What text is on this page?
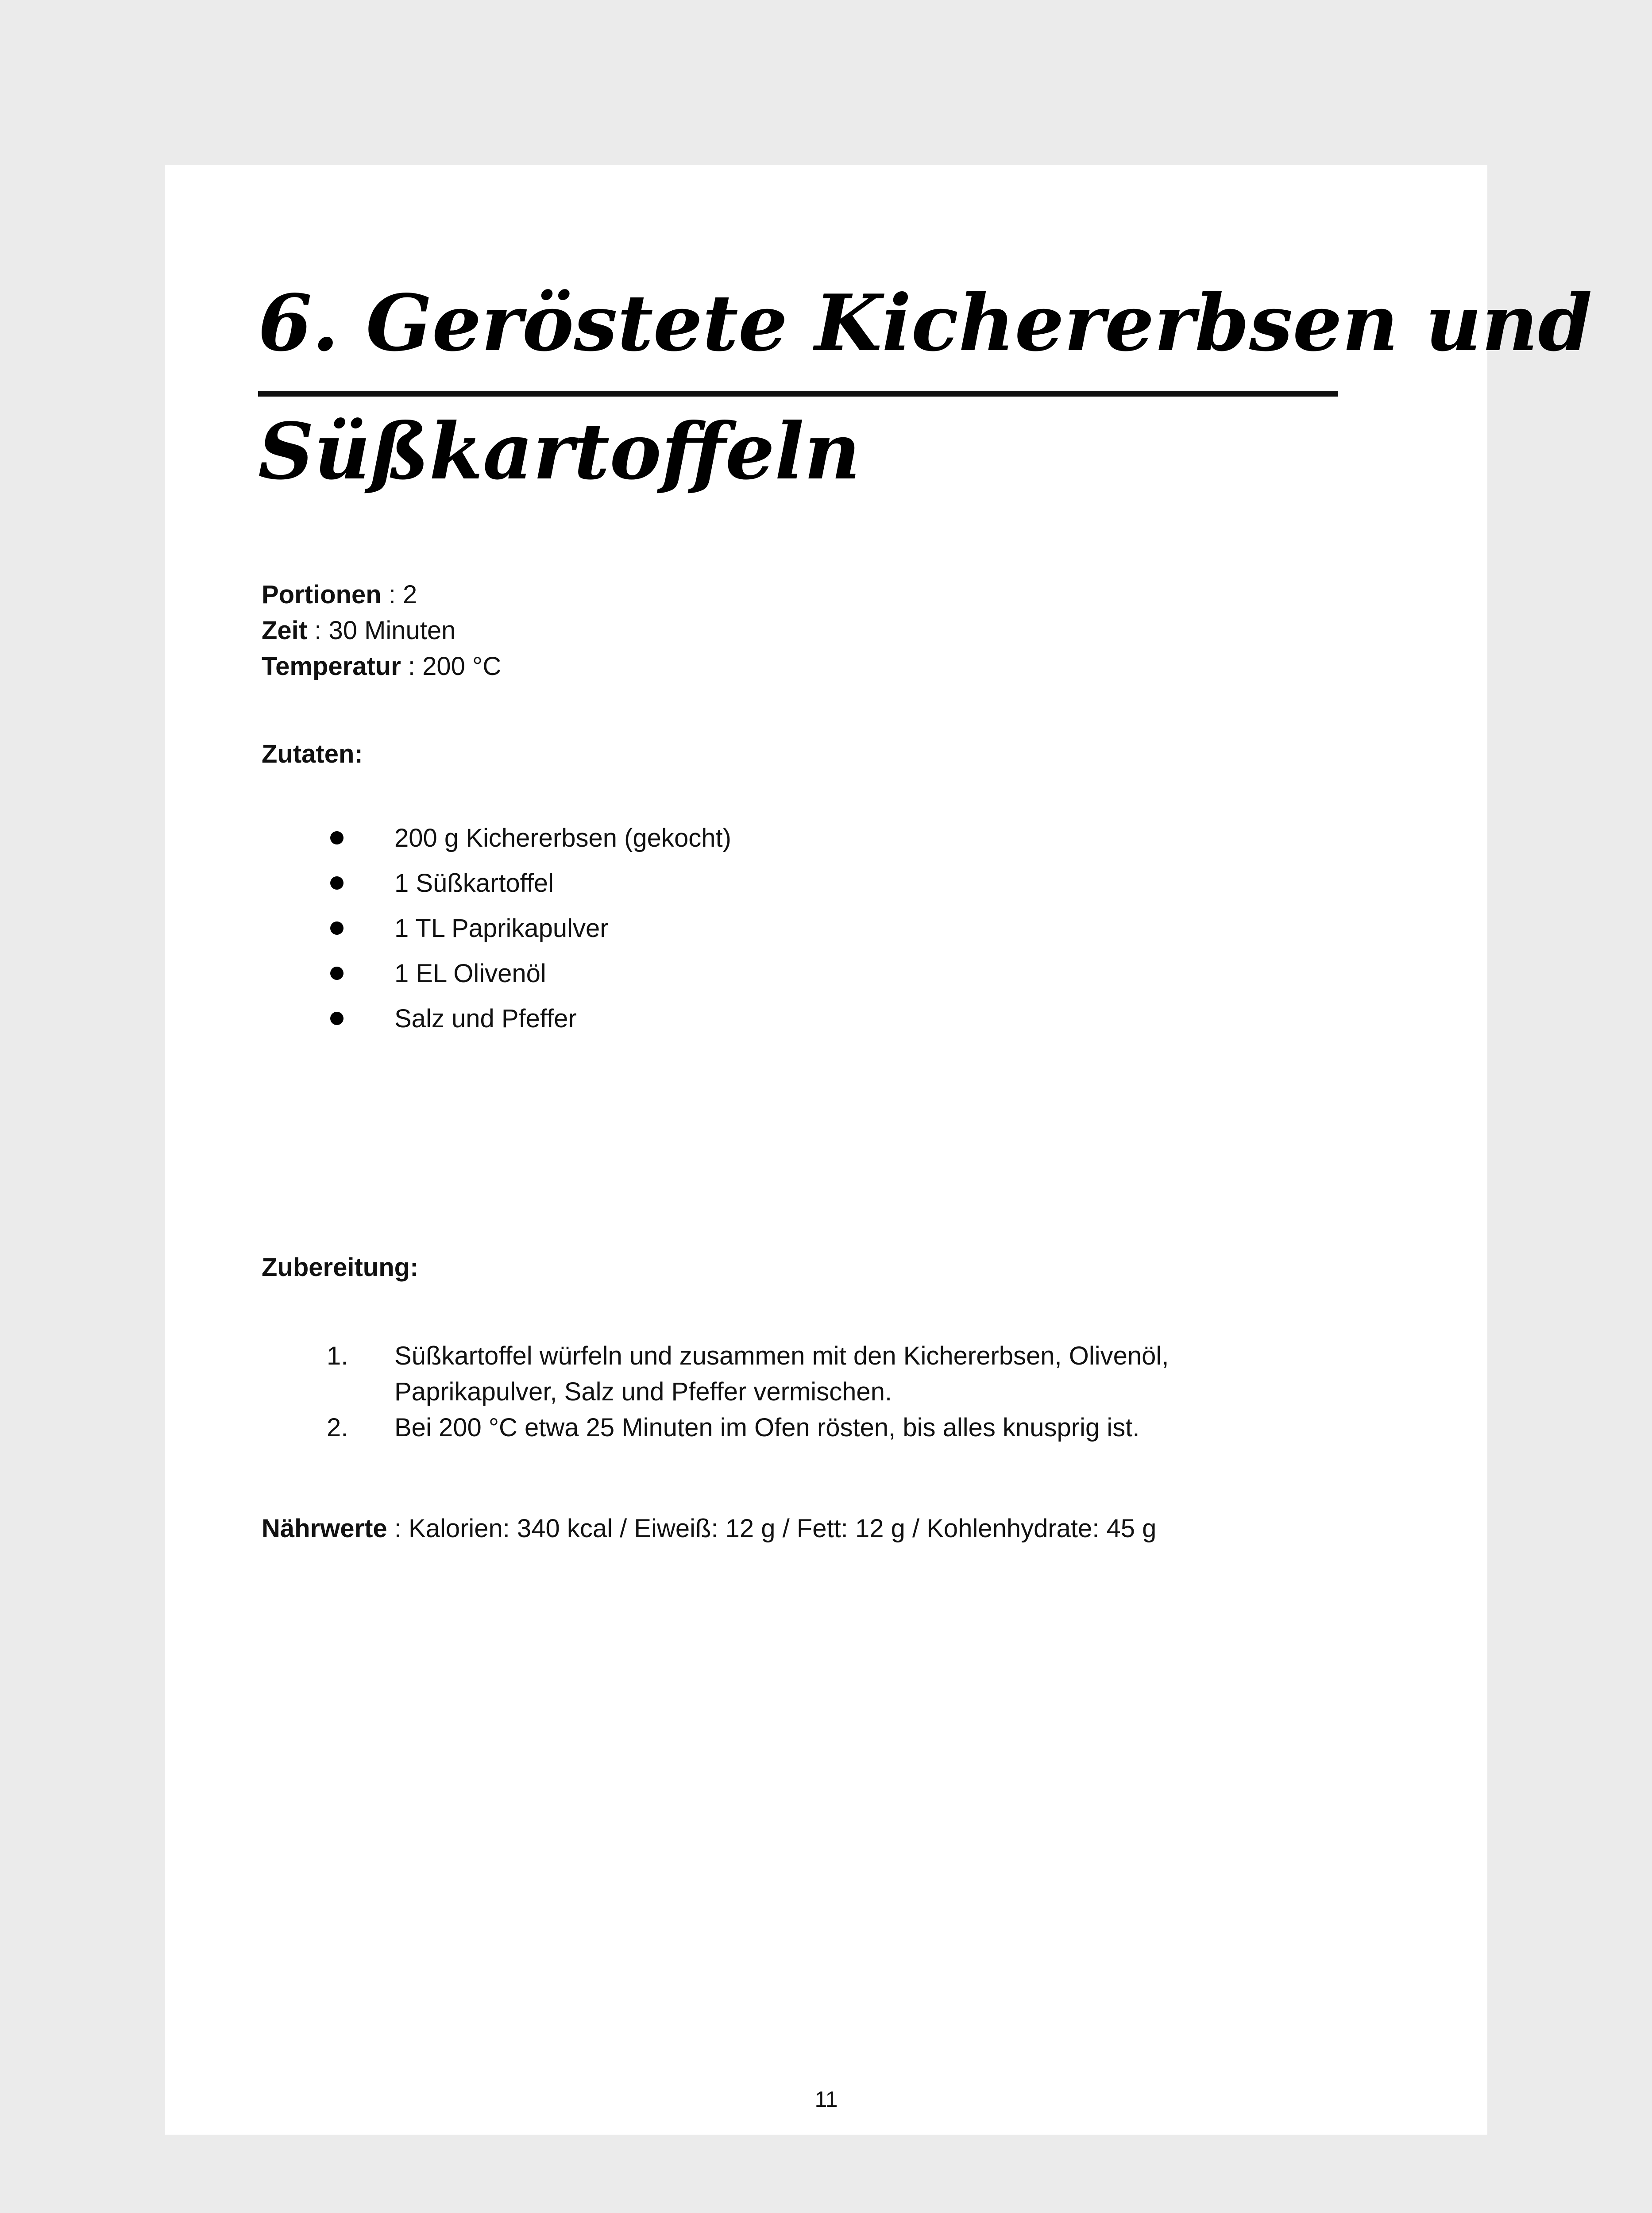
6. Geröstete Kichererbsen und
Süßkartoffeln
Portionen : 2
Zeit : 30 Minuten
Temperatur : 200 °C
Zutaten:
200 g Kichererbsen (gekocht)
1 Süßkartoffel
1 TL Paprikapulver
1 EL Olivenöl
Salz und Pfeffer
Zubereitung:
1. Süßkartoffel würfeln und zusammen mit den Kichererbsen, Olivenöl, Paprikapulver, Salz und Pfeffer vermischen.
2. Bei 200 °C etwa 25 Minuten im Ofen rösten, bis alles knusprig ist.
Nährwerte : Kalorien: 340 kcal / Eiweiß: 12 g / Fett: 12 g / Kohlenhydrate: 45 g
11
